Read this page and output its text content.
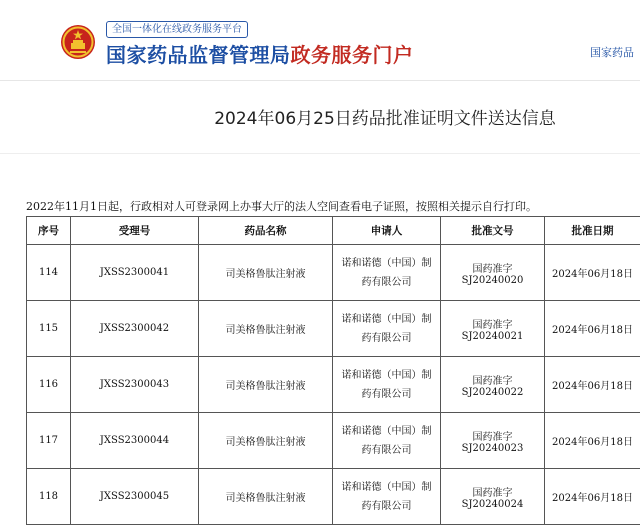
全国一体化在线政务服务平台
国家药品监督管理局政务服务门户	国家药品
2024年06月25日药品批准证明文件送达信息
2022年11月1日起，行政相对人可登录网上办事大厅的法人空间查看电子证照，按照相关提示自行打印。
序号	受理号	药品名称	申请人	批准文号	批准日期
114	JXSS2300041	司美格鲁肽注射液	诺和诺德（中国）制药有限公司	国药准字SJ20240020	2024年06月18日
115	JXSS2300042	司美格鲁肽注射液	诺和诺德（中国）制药有限公司	国药准字SJ20240021	2024年06月18日
116	JXSS2300043	司美格鲁肽注射液	诺和诺德（中国）制药有限公司	国药准字SJ20240022	2024年06月18日
117	JXSS2300044	司美格鲁肽注射液	诺和诺德（中国）制药有限公司	国药准字SJ20240023	2024年06月18日
118	JXSS2300045	司美格鲁肽注射液	诺和诺德（中国）制药有限公司	国药准字SJ20240024	2024年06月18日
